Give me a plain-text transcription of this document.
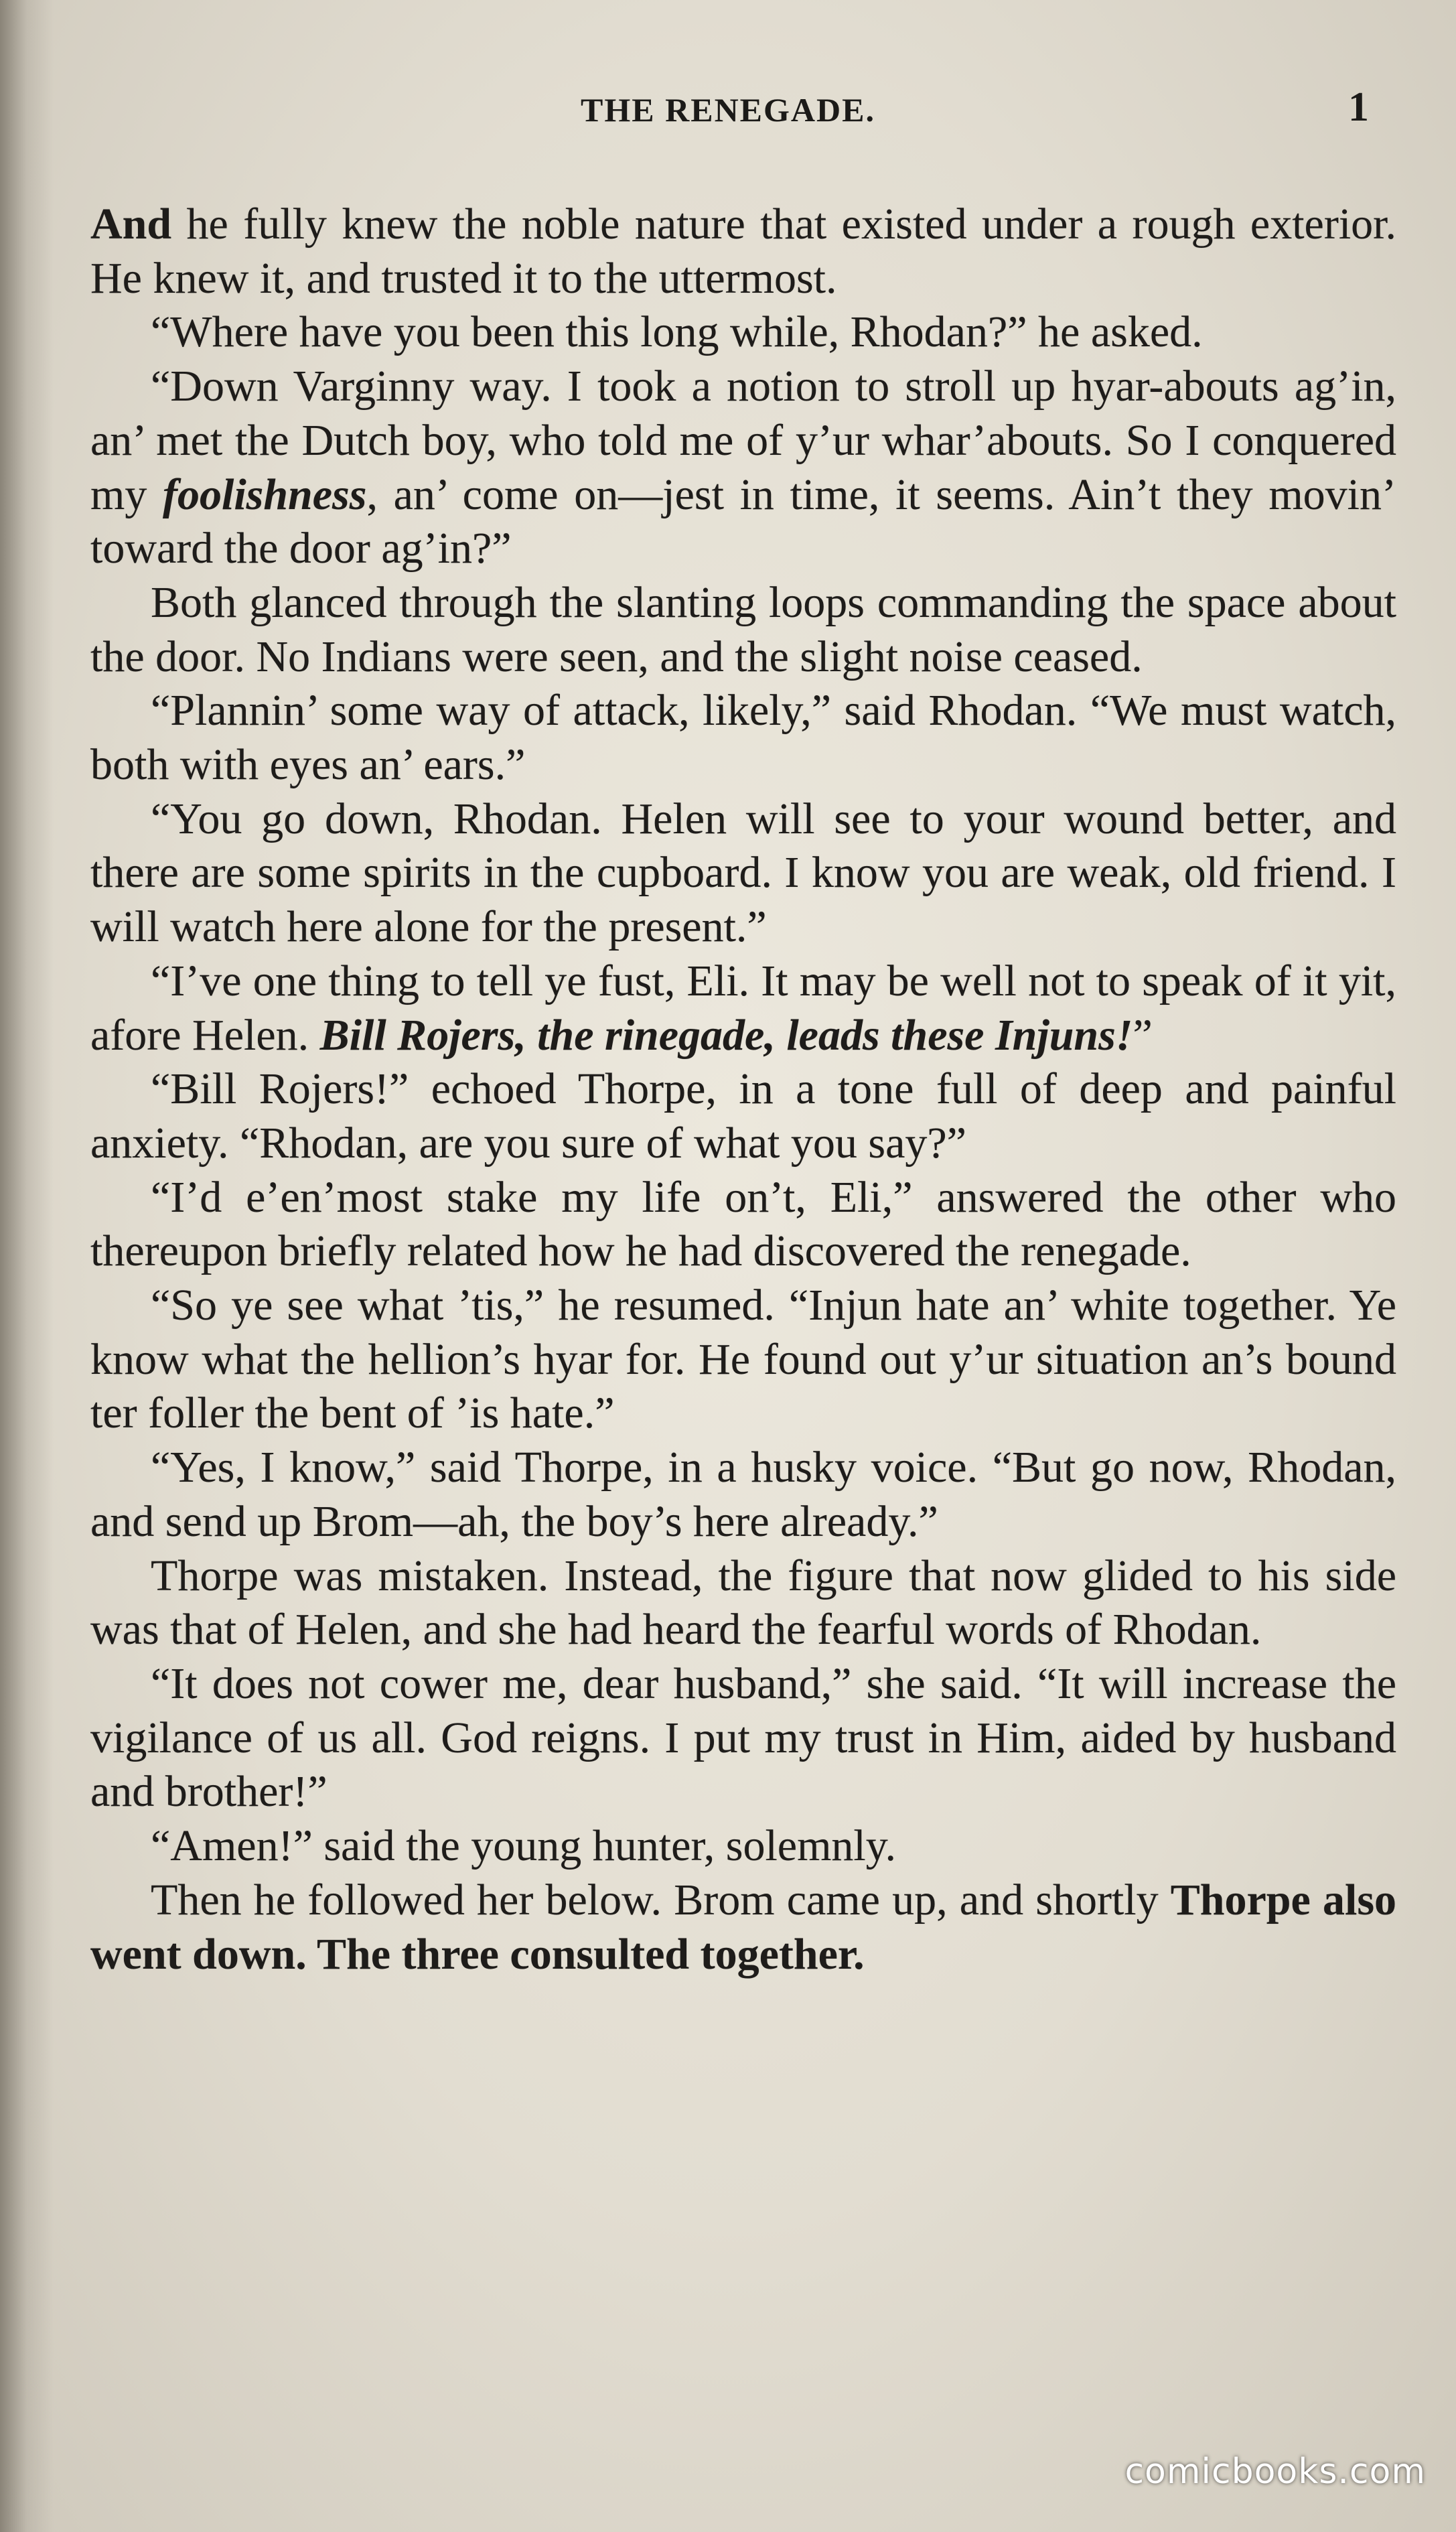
THE RENEGADE.	1

And he fully knew the noble nature that existed under a rough exterior. He knew it, and trusted it to the uttermost.

“Where have you been this long while, Rhodan?” he asked.

“Down Varginny way. I took a notion to stroll up hyar-abouts ag’in, an’ met the Dutch boy, who told me of y’ur whar’abouts. So I conquered my foolishness, an’ come on—jest in time, it seems. Ain’t they movin’ toward the door ag’in?”

Both glanced through the slanting loops commanding the space about the door. No Indians were seen, and the slight noise ceased.

“Plannin’ some way of attack, likely,” said Rhodan. “We must watch, both with eyes an’ ears.”

“You go down, Rhodan. Helen will see to your wound better, and there are some spirits in the cupboard. I know you are weak, old friend. I will watch here alone for the present.”

“I’ve one thing to tell ye fust, Eli. It may be well not to speak of it yit, afore Helen. Bill Rojers, the rinegade, leads these Injuns!”

“Bill Rojers!” echoed Thorpe, in a tone full of deep and painful anxiety. “Rhodan, are you sure of what you say?”

“I’d e’en’most stake my life on’t, Eli,” answered the other who thereupon briefly related how he had discovered the renegade.

“So ye see what ’tis,” he resumed. “Injun hate an’ white together. Ye know what the hellion’s hyar for. He found out y’ur situation an’s bound ter foller the bent of ’is hate.”

“Yes, I know,” said Thorpe, in a husky voice. “But go now, Rhodan, and send up Brom—ah, the boy’s here already.”

Thorpe was mistaken. Instead, the figure that now glided to his side was that of Helen, and she had heard the fearful words of Rhodan.

“It does not cower me, dear husband,” she said. “It will increase the vigilance of us all. God reigns. I put my trust in Him, aided by husband and brother!”

“Amen!” said the young hunter, solemnly.

Then he followed her below. Brom came up, and shortly Thorpe also went down. The three consulted together.

comicbooks.com
